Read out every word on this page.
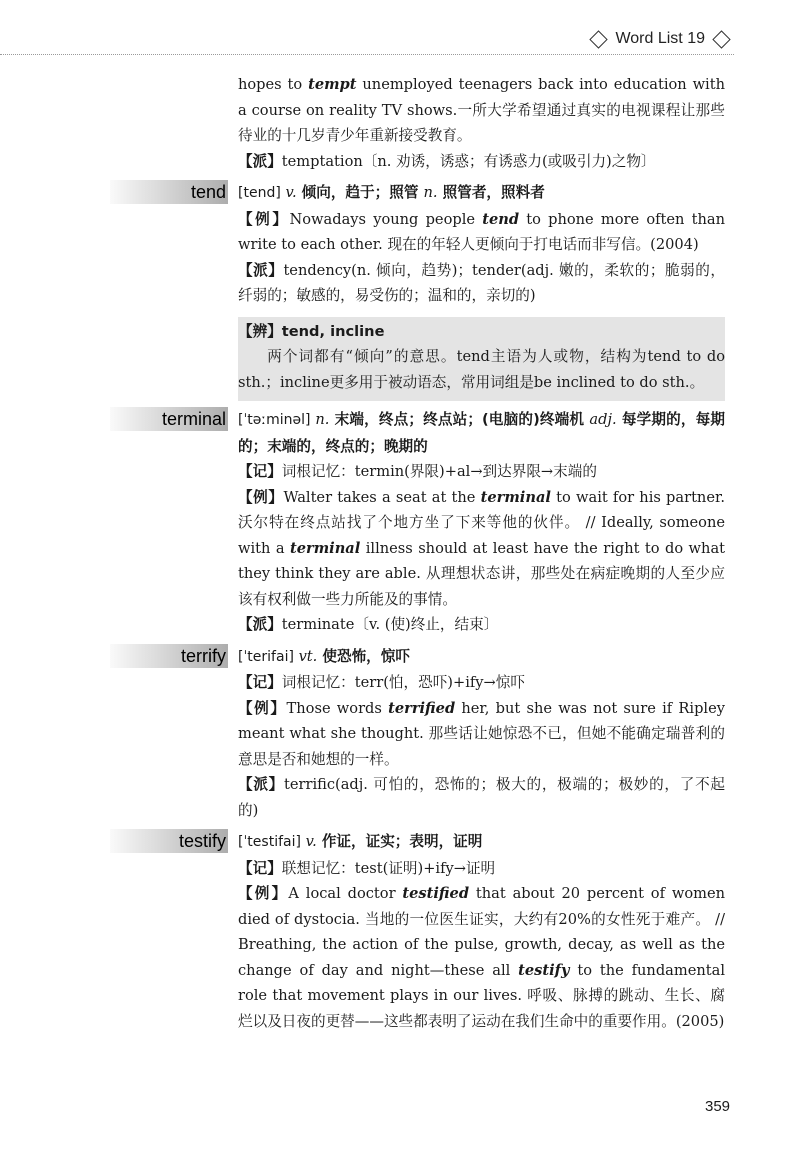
Word List 19
hopes to tempt unemployed teenagers back into education with a course on reality TV shows.一所大学希望通过真实的电视课程让那些待业的十几岁青少年重新接受教育。
【派】temptation〔n. 劝诱，诱惑；有诱惑力(或吸引力)之物〕
tend [tend] v. 倾向，趋于；照管 n. 照管者，照料者
【例】Nowadays young people tend to phone more often than write to each other. 现在的年轻人更倾向于打电话而非写信。(2004)
【派】tendency(n. 倾向，趋势)；tender(adj. 嫩的，柔软的；脆弱的，纤弱的；敏感的，易受伤的；温和的，亲切的)
【辨】tend, incline
两个词都有“倾向”的意思。tend主语为人或物，结构为tend to do sth.；incline更多用于被动语态，常用词组是be inclined to do sth.。
terminal [ˈtəːminəl] n. 末端，终点；终点站；(电脑的)终端机 adj. 每学期的，每期的；末端的，终点的；晚期的
【记】词根记忆：termin(界限)+al→到达界限→末端的
【例】Walter takes a seat at the terminal to wait for his partner. 沃尔特在终点站找了个地方坐了下来等他的伙伴。 // Ideally, someone with a terminal illness should at least have the right to do what they think they are able. 从理想状态讲，那些处在病症晚期的人至少应该有权利做一些力所能及的事情。
【派】terminate〔v. (使)终止，结束〕
terrify [ˈterifai] vt. 使恐怖，惊吓
【记】词根记忆：terr(怕，恐吓)+ify→惊吓
【例】Those words terrified her, but she was not sure if Ripley meant what she thought. 那些话让她惊恐不已，但她不能确定瑞普利的意思是否和她想的一样。
【派】terrific(adj. 可怕的，恐怖的；极大的，极端的；极妙的，了不起的)
testify [ˈtestifai] v. 作证，证实；表明，证明
【记】联想记忆：test(证明)+ify→证明
【例】A local doctor testified that about 20 percent of women died of dystocia. 当地的一位医生证实，大约有20%的女性死于难产。 // Breathing, the action of the pulse, growth, decay, as well as the change of day and night—these all testify to the fundamental role that movement plays in our lives. 呼吸、脉搏的跳动、生长、腐烂以及日夜的更替——这些都表明了运动在我们生命中的重要作用。(2005)
359
